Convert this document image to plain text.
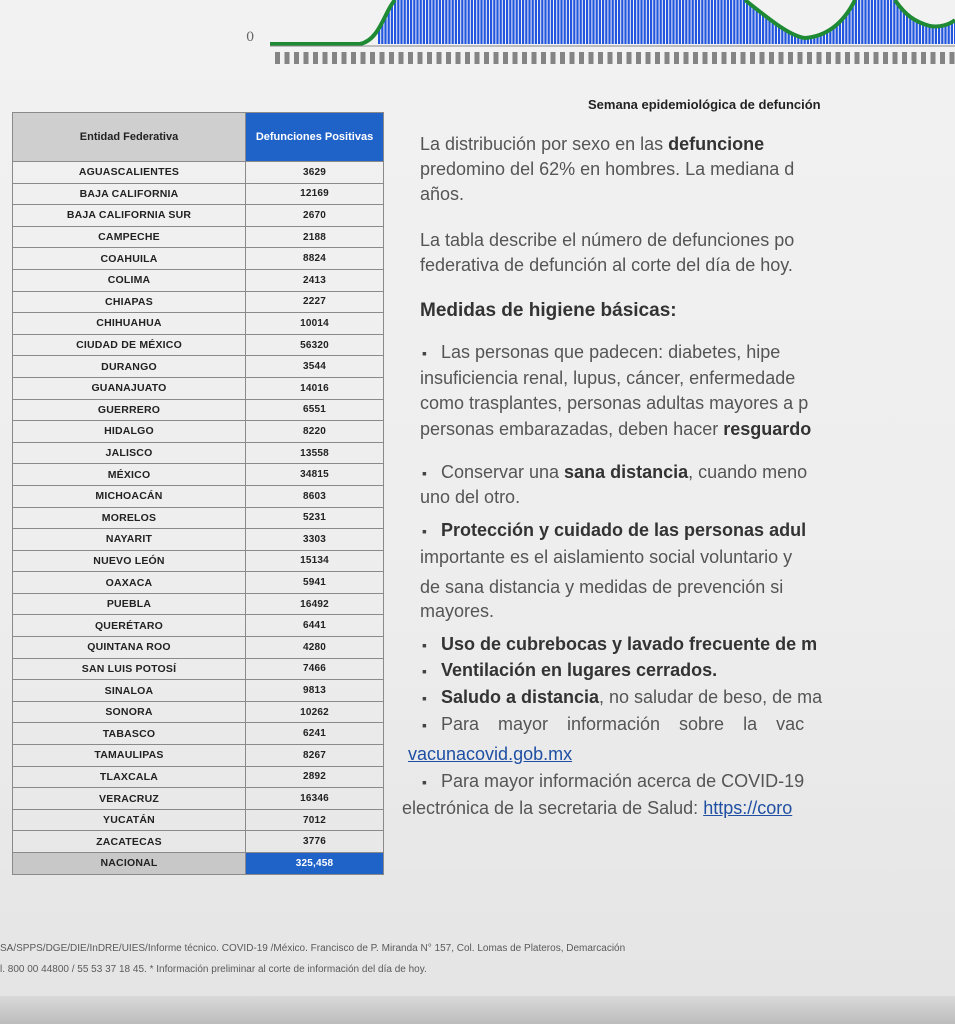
0
Semana epidemiológica de defunción
Entidad Federativa	Defunciones Positivas
AGUASCALIENTES	3629
BAJA CALIFORNIA	12169
BAJA CALIFORNIA SUR	2670
CAMPECHE	2188
COAHUILA	8824
COLIMA	2413
CHIAPAS	2227
CHIHUAHUA	10014
CIUDAD DE MÉXICO	56320
DURANGO	3544
GUANAJUATO	14016
GUERRERO	6551
HIDALGO	8220
JALISCO	13558
MÉXICO	34815
MICHOACÁN	8603
MORELOS	5231
NAYARIT	3303
NUEVO LEÓN	15134
OAXACA	5941
PUEBLA	16492
QUERÉTARO	6441
QUINTANA ROO	4280
SAN LUIS POTOSÍ	7466
SINALOA	9813
SONORA	10262
TABASCO	6241
TAMAULIPAS	8267
TLAXCALA	2892
VERACRUZ	16346
YUCATÁN	7012
ZACATECAS	3776
NACIONAL	325,458

La distribución por sexo en las defuncione

predomino del 62% en hombres. La mediana d

años.

La tabla describe el número de defunciones po

federativa de defunción al corte del día de hoy.

Medidas de higiene básicas:

▪ Las personas que padecen: diabetes, hipe

insuficiencia renal, lupus, cáncer, enfermedade

como trasplantes, personas adultas mayores a p

personas embarazadas, deben hacer resguardo

▪ Conservar una sana distancia, cuando meno

uno del otro.

▪ Protección y cuidado de las personas adul

importante es el aislamiento social voluntario y

de sana distancia y medidas de prevención si

mayores.

▪ Uso de cubrebocas y lavado frecuente de m

▪ Ventilación en lugares cerrados.

▪ Saludo a distancia, no saludar de beso, de ma

▪ Para mayor información sobre la vac

vacunacovid.gob.mx

▪ Para mayor información acerca de COVID-19

electrónica de la secretaria de Salud: https://coro

SA/SPPS/DGE/DIE/InDRE/UIES/Informe técnico. COVID-19 /México. Francisco de P. Miranda N° 157, Col. Lomas de Plateros, Demarcación
l. 800 00 44800 / 55 53 37 18 45. * Información preliminar al corte de información del día de hoy.
